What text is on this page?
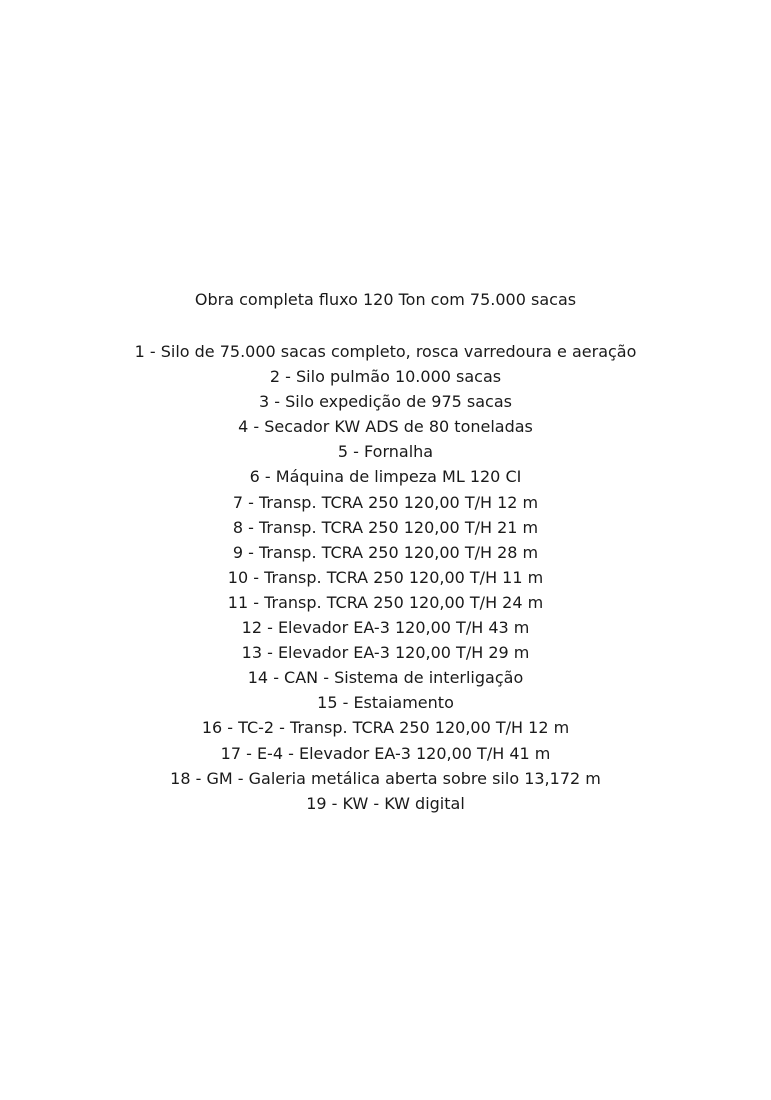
Obra completa fluxo 120 Ton com 75.000 sacas
1 - Silo de 75.000 sacas completo, rosca varredoura e aeração
2 - Silo pulmão 10.000 sacas
3 - Silo expedição de 975 sacas
4 - Secador KW ADS de 80 toneladas
5 - Fornalha
6 - Máquina de limpeza ML 120 CI
7 - Transp. TCRA 250 120,00 T/H 12 m
8 - Transp. TCRA 250 120,00 T/H 21 m
9 - Transp. TCRA 250 120,00 T/H 28 m
10 - Transp. TCRA 250 120,00 T/H 11 m
11 - Transp. TCRA 250 120,00 T/H 24 m
12 - Elevador EA-3 120,00 T/H 43 m
13 - Elevador EA-3 120,00 T/H 29 m
14 - CAN - Sistema de interligação
15 - Estaiamento
16 - TC-2 - Transp. TCRA 250 120,00 T/H 12 m
17 - E-4 - Elevador EA-3 120,00 T/H 41 m
18 - GM - Galeria metálica aberta sobre silo 13,172 m
19 - KW - KW digital
